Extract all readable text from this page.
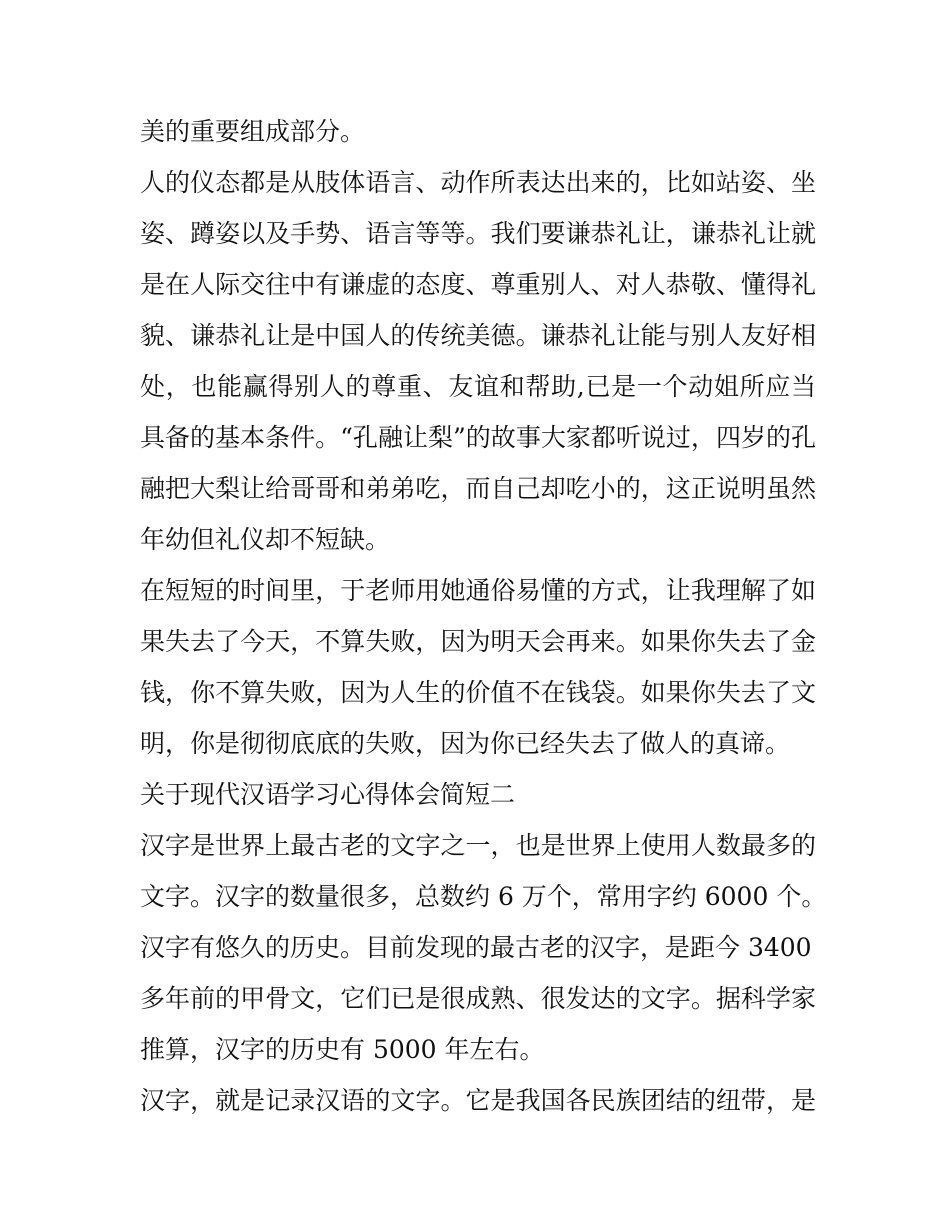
美的重要组成部分。
人的仪态都是从肢体语言、动作所表达出来的，比如站姿、坐
姿、蹲姿以及手势、语言等等。我们要谦恭礼让，谦恭礼让就
是在人际交往中有谦虚的态度、尊重别人、对人恭敬、懂得礼
貌、谦恭礼让是中国人的传统美德。谦恭礼让能与别人友好相
处，也能赢得别人的尊重、友谊和帮助,已是一个动姐所应当
具备的基本条件。“孔融让梨”的故事大家都听说过，四岁的孔
融把大梨让给哥哥和弟弟吃，而自己却吃小的，这正说明虽然
年幼但礼仪却不短缺。
在短短的时间里，于老师用她通俗易懂的方式，让我理解了如
果失去了今天，不算失败，因为明天会再来。如果你失去了金
钱，你不算失败，因为人生的价值不在钱袋。如果你失去了文
明，你是彻彻底底的失败，因为你已经失去了做人的真谛。
关于现代汉语学习心得体会简短二
汉字是世界上最古老的文字之一，也是世界上使用人数最多的
文字。汉字的数量很多，总数约 6 万个，常用字约 6000 个。
汉字有悠久的历史。目前发现的最古老的汉字，是距今 3400
多年前的甲骨文，它们已是很成熟、很发达的文字。据科学家
推算，汉字的历史有 5000 年左右。
汉字，就是记录汉语的文字。它是我国各民族团结的纽带，是
